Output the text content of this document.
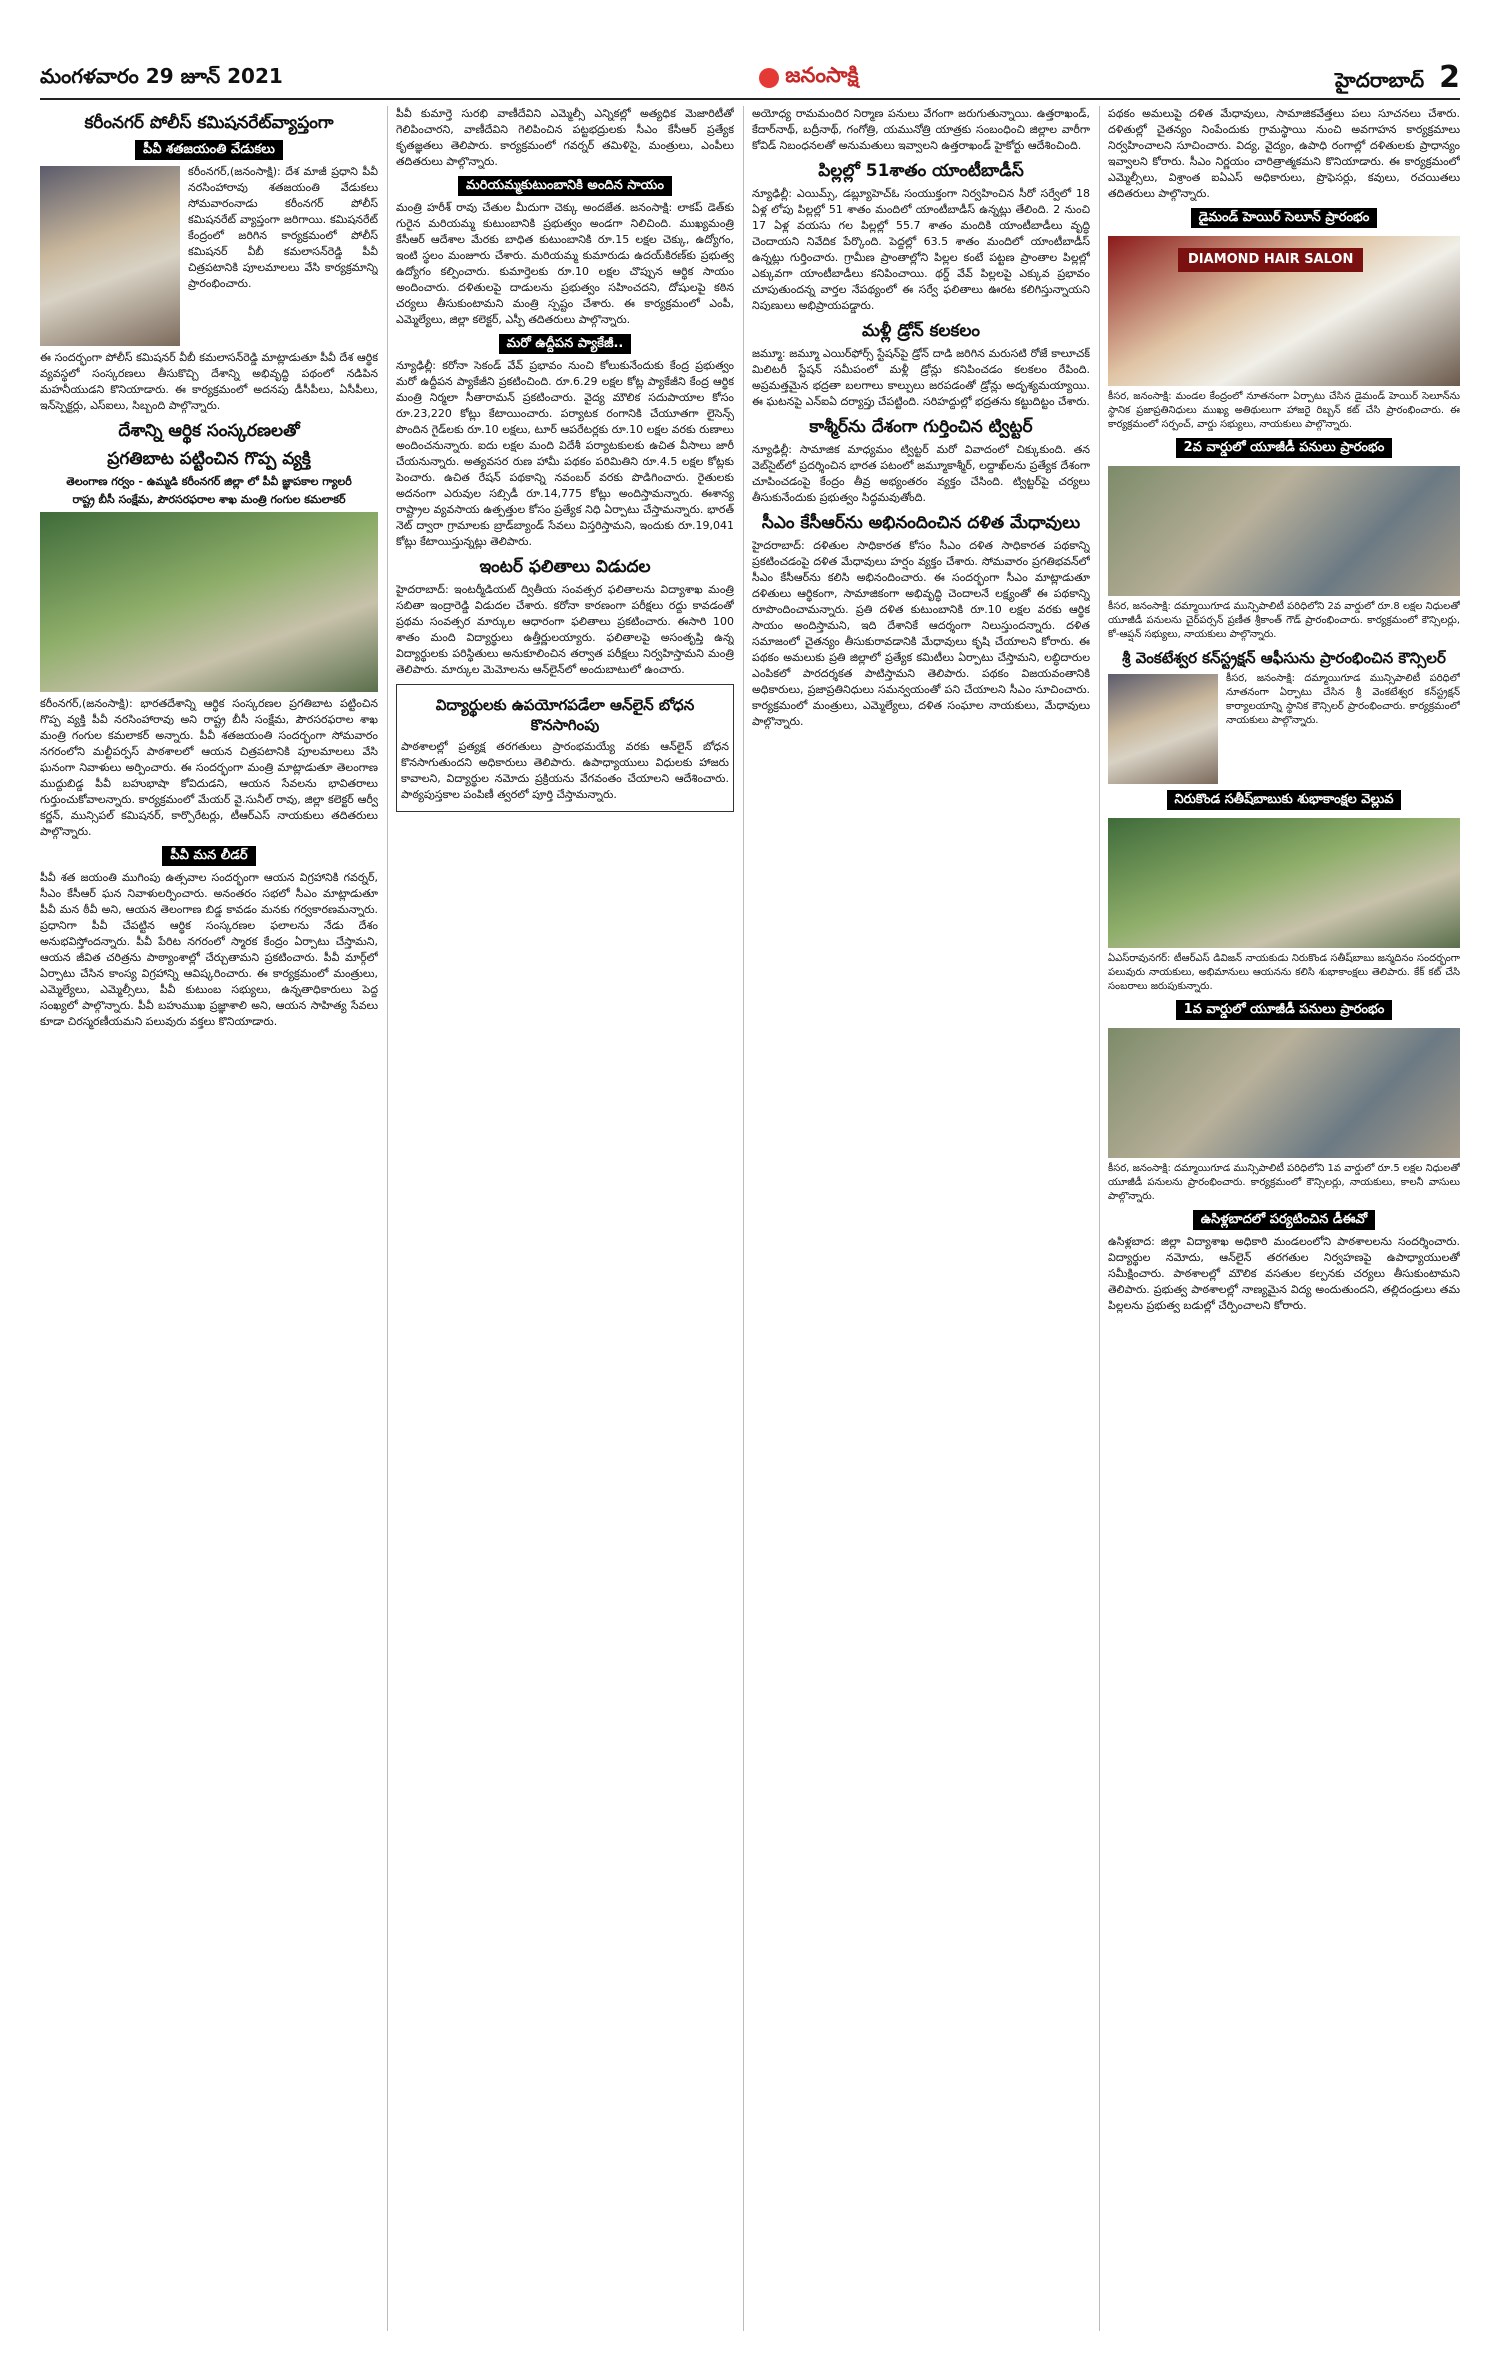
మంగళవారం 29 జూన్ 2021	జనంసాక్షి	హైదరాబాద్ 2
కరీంనగర్ పోలీస్ కమిషనరేట్‌వ్యాప్తంగా
పీవీ శతజయంతి వేడుకలు

కరీంనగర్,(జనంసాక్షి): దేశ మాజీ ప్రధాని పీవీ నరసింహారావు శతజయంతి వేడుకలు సోమవారంనాడు కరీంనగర్ పోలీస్ కమిషనరేట్ వ్యాప్తంగా జరిగాయి. కమిషనరేట్ కేంద్రంలో జరిగిన కార్యక్రమంలో పోలీస్ కమిషనర్ వీబీ కమలాసన్‌రెడ్డి పీవీ చిత్రపటానికి పూలమాలలు వేసి కార్యక్రమాన్ని ప్రారంభించారు.

ఈ సందర్భంగా పోలీస్ కమిషనర్ వీబీ కమలాసన్‌రెడ్డి మాట్లాడుతూ పీవీ దేశ ఆర్థిక వ్యవస్థలో సంస్కరణలు తీసుకొచ్చి దేశాన్ని అభివృద్ధి పథంలో నడిపిన మహనీయుడని కొనియాడారు. ఈ కార్యక్రమంలో అదనపు డీసీపీలు, ఏసీపీలు, ఇన్‌స్పెక్టర్లు, ఎస్‌ఐలు, సిబ్బంది పాల్గొన్నారు.

దేశాన్ని ఆర్థిక సంస్కరణలతో
ప్రగతిబాట పట్టించిన గొప్ప వ్యక్తి
తెలంగాణ గర్వం - ఉమ్మడి కరీంనగర్ జిల్లా లో పీవీ జ్ఞాపకాల గ్యాలరీ
రాష్ట్ర బీసీ సంక్షేమ, పౌరసరఫరాల శాఖ మంత్రి గంగుల కమలాకర్

కరీంనగర్,(జనంసాక్షి): భారతదేశాన్ని ఆర్థిక సంస్కరణల ప్రగతిబాట పట్టించిన గొప్ప వ్యక్తి పీవీ నరసింహారావు అని రాష్ట్ర బీసీ సంక్షేమ, పౌరసరఫరాల శాఖ మంత్రి గంగుల కమలాకర్ అన్నారు. పీవీ శతజయంతి సందర్భంగా సోమవారం నగరంలోని మల్టీపర్పస్ పాఠశాలలో ఆయన చిత్రపటానికి పూలమాలలు వేసి ఘనంగా నివాళులు అర్పించారు. ఈ సందర్భంగా మంత్రి మాట్లాడుతూ తెలంగాణ ముద్దుబిడ్డ పీవీ బహుభాషా కోవిదుడని, ఆయన సేవలను భావితరాలు గుర్తుంచుకోవాలన్నారు. కార్యక్రమంలో మేయర్ వై.సునీల్ రావు, జిల్లా కలెక్టర్ ఆర్వీ కర్ణన్, మున్సిపల్ కమిషనర్, కార్పొరేటర్లు, టీఆర్ఎస్ నాయకులు తదితరులు పాల్గొన్నారు.

పీవీ మన లీడర్

పీవీ శత జయంతి ముగింపు ఉత్సవాల సందర్భంగా ఆయన విగ్రహానికి గవర్నర్, సీఎం కేసీఆర్ ఘన నివాళులర్పించారు. అనంతరం సభలో సీఎం మాట్లాడుతూ పీవీ మన ఠీవీ అని, ఆయన తెలంగాణ బిడ్డ కావడం మనకు గర్వకారణమన్నారు. ప్రధానిగా పీవీ చేపట్టిన ఆర్థిక సంస్కరణల ఫలాలను నేడు దేశం అనుభవిస్తోందన్నారు. పీవీ పేరిట నగరంలో స్మారక కేంద్రం ఏర్పాటు చేస్తామని, ఆయన జీవిత చరిత్రను పాఠ్యాంశాల్లో చేర్చుతామని ప్రకటించారు. పీవీ మార్గ్‌లో ఏర్పాటు చేసిన కాంస్య విగ్రహాన్ని ఆవిష్కరించారు. ఈ కార్యక్రమంలో మంత్రులు, ఎమ్మెల్యేలు, ఎమ్మెల్సీలు, పీవీ కుటుంబ సభ్యులు, ఉన్నతాధికారులు పెద్ద సంఖ్యలో పాల్గొన్నారు. పీవీ బహుముఖ ప్రజ్ఞాశాలి అని, ఆయన సాహిత్య సేవలు కూడా చిరస్మరణీయమని పలువురు వక్తలు కొనియాడారు.

పీవీ కుమార్తె సురభి వాణీదేవిని ఎమ్మెల్సీ ఎన్నికల్లో అత్యధిక మెజారిటీతో గెలిపించారని, వాణీదేవిని గెలిపించిన పట్టభద్రులకు సీఎం కేసీఆర్ ప్రత్యేక కృతజ్ఞతలు తెలిపారు. కార్యక్రమంలో గవర్నర్ తమిళిసై, మంత్రులు, ఎంపీలు తదితరులు పాల్గొన్నారు.

మరియమ్మకుటుంబానికి అందిన సాయం

మంత్రి హరీశ్ రావు చేతుల మీదుగా చెక్కు అందజేత. జనంసాక్షి: లాకప్ డెత్‌కు గురైన మరియమ్మ కుటుంబానికి ప్రభుత్వం అండగా నిలిచింది. ముఖ్యమంత్రి కేసీఆర్ ఆదేశాల మేరకు బాధిత కుటుంబానికి రూ.15 లక్షల చెక్కు, ఉద్యోగం, ఇంటి స్థలం మంజూరు చేశారు. మరియమ్మ కుమారుడు ఉదయ్‌కిరణ్‌కు ప్రభుత్వ ఉద్యోగం కల్పించారు. కుమార్తెలకు రూ.10 లక్షల చొప్పున ఆర్థిక సాయం అందించారు. దళితులపై దాడులను ప్రభుత్వం సహించదని, దోషులపై కఠిన చర్యలు తీసుకుంటామని మంత్రి స్పష్టం చేశారు. ఈ కార్యక్రమంలో ఎంపీ, ఎమ్మెల్యేలు, జిల్లా కలెక్టర్, ఎస్పీ తదితరులు పాల్గొన్నారు.

మరో ఉద్దీపన ప్యాకేజీ..

న్యూఢిల్లీ: కరోనా సెకండ్ వేవ్ ప్రభావం నుంచి కోలుకునేందుకు కేంద్ర ప్రభుత్వం మరో ఉద్దీపన ప్యాకేజీని ప్రకటించింది. రూ.6.29 లక్షల కోట్ల ప్యాకేజీని కేంద్ర ఆర్థిక మంత్రి నిర్మలా సీతారామన్ ప్రకటించారు. వైద్య మౌలిక సదుపాయాల కోసం రూ.23,220 కోట్లు కేటాయించారు. పర్యాటక రంగానికి చేయూతగా లైసెన్స్ పొందిన గైడ్‌లకు రూ.10 లక్షలు, టూర్ ఆపరేటర్లకు రూ.10 లక్షల వరకు రుణాలు అందించనున్నారు. ఐదు లక్షల మంది విదేశీ పర్యాటకులకు ఉచిత వీసాలు జారీ చేయనున్నారు. అత్యవసర రుణ హామీ పథకం పరిమితిని రూ.4.5 లక్షల కోట్లకు పెంచారు. ఉచిత రేషన్ పథకాన్ని నవంబర్ వరకు పొడిగించారు. రైతులకు అదనంగా ఎరువుల సబ్సిడీ రూ.14,775 కోట్లు అందిస్తామన్నారు. ఈశాన్య రాష్ట్రాల వ్యవసాయ ఉత్పత్తుల కోసం ప్రత్యేక నిధి ఏర్పాటు చేస్తామన్నారు. భారత్ నెట్ ద్వారా గ్రామాలకు బ్రాడ్‌బ్యాండ్ సేవలు విస్తరిస్తామని, ఇందుకు రూ.19,041 కోట్లు కేటాయిస్తున్నట్లు తెలిపారు.

ఇంటర్ ఫలితాలు విడుదల

హైదరాబాద్: ఇంటర్మీడియట్ ద్వితీయ సంవత్సర ఫలితాలను విద్యాశాఖ మంత్రి సబితా ఇంద్రారెడ్డి విడుదల చేశారు. కరోనా కారణంగా పరీక్షలు రద్దు కావడంతో ప్రథమ సంవత్సర మార్కుల ఆధారంగా ఫలితాలు ప్రకటించారు. ఈసారి 100 శాతం మంది విద్యార్థులు ఉత్తీర్ణులయ్యారు. ఫలితాలపై అసంతృప్తి ఉన్న విద్యార్థులకు పరిస్థితులు అనుకూలించిన తర్వాత పరీక్షలు నిర్వహిస్తామని మంత్రి తెలిపారు. మార్కుల మెమోలను ఆన్‌లైన్‌లో అందుబాటులో ఉంచారు.

విద్యార్థులకు ఉపయోగపడేలా ఆన్‌లైన్ బోధన కొనసాగింపు

పాఠశాలల్లో ప్రత్యక్ష తరగతులు ప్రారంభమయ్యే వరకు ఆన్‌లైన్ బోధన కొనసాగుతుందని అధికారులు తెలిపారు. ఉపాధ్యాయులు విధులకు హాజరు కావాలని, విద్యార్థుల నమోదు ప్రక్రియను వేగవంతం చేయాలని ఆదేశించారు. పాఠ్యపుస్తకాల పంపిణీ త్వరలో పూర్తి చేస్తామన్నారు.

అయోధ్య రామమందిర నిర్మాణ పనులు వేగంగా జరుగుతున్నాయి. ఉత్తరాఖండ్, కేదార్‌నాథ్, బద్రీనాథ్, గంగోత్రి, యమునోత్రి యాత్రకు సంబంధించి జిల్లాల వారీగా కోవిడ్ నిబంధనలతో అనుమతులు ఇవ్వాలని ఉత్తరాఖండ్ హైకోర్టు ఆదేశించింది.

పిల్లల్లో 51శాతం యాంటీబాడీస్

న్యూఢిల్లీ: ఎయిమ్స్, డబ్ల్యూహెచ్‌ఓ సంయుక్తంగా నిర్వహించిన సీరో సర్వేలో 18 ఏళ్ల లోపు పిల్లల్లో 51 శాతం మందిలో యాంటీబాడీస్ ఉన్నట్లు తేలింది. 2 నుంచి 17 ఏళ్ల వయసు గల పిల్లల్లో 55.7 శాతం మందికి యాంటీబాడీలు వృద్ధి చెందాయని నివేదిక పేర్కొంది. పెద్దల్లో 63.5 శాతం మందిలో యాంటీబాడీస్ ఉన్నట్లు గుర్తించారు. గ్రామీణ ప్రాంతాల్లోని పిల్లల కంటే పట్టణ ప్రాంతాల పిల్లల్లో ఎక్కువగా యాంటీబాడీలు కనిపించాయి. థర్డ్ వేవ్ పిల్లలపై ఎక్కువ ప్రభావం చూపుతుందన్న వార్తల నేపథ్యంలో ఈ సర్వే ఫలితాలు ఊరట కలిగిస్తున్నాయని నిపుణులు అభిప్రాయపడ్డారు.

మళ్లీ డ్రోన్ కలకలం

జమ్మూ: జమ్మూ ఎయిర్‌ఫోర్స్ స్టేషన్‌పై డ్రోన్ దాడి జరిగిన మరుసటి రోజే కాలూచక్ మిలిటరీ స్టేషన్ సమీపంలో మళ్లీ డ్రోన్లు కనిపించడం కలకలం రేపింది. అప్రమత్తమైన భద్రతా బలగాలు కాల్పులు జరపడంతో డ్రోన్లు అదృశ్యమయ్యాయి. ఈ ఘటనపై ఎన్ఐఏ దర్యాప్తు చేపట్టింది. సరిహద్దుల్లో భద్రతను కట్టుదిట్టం చేశారు.

కాశ్మీర్‌ను దేశంగా గుర్తించిన ట్విట్టర్

న్యూఢిల్లీ: సామాజిక మాధ్యమం ట్విట్టర్ మరో వివాదంలో చిక్కుకుంది. తన వెబ్‌సైట్‌లో ప్రదర్శించిన భారత పటంలో జమ్మూకాశ్మీర్, లద్దాఖ్‌లను ప్రత్యేక దేశంగా చూపించడంపై కేంద్రం తీవ్ర అభ్యంతరం వ్యక్తం చేసింది. ట్విట్టర్‌పై చర్యలు తీసుకునేందుకు ప్రభుత్వం సిద్ధమవుతోంది.

సీఎం కేసీఆర్‌ను అభినందించిన దళిత మేధావులు

హైదరాబాద్: దళితుల సాధికారత కోసం సీఎం దళిత సాధికారత పథకాన్ని ప్రకటించడంపై దళిత మేధావులు హర్షం వ్యక్తం చేశారు. సోమవారం ప్రగతిభవన్‌లో సీఎం కేసీఆర్‌ను కలిసి అభినందించారు. ఈ సందర్భంగా సీఎం మాట్లాడుతూ దళితులు ఆర్థికంగా, సామాజికంగా అభివృద్ధి చెందాలనే లక్ష్యంతో ఈ పథకాన్ని రూపొందించామన్నారు. ప్రతి దళిత కుటుంబానికి రూ.10 లక్షల వరకు ఆర్థిక సాయం అందిస్తామని, ఇది దేశానికే ఆదర్శంగా నిలుస్తుందన్నారు. దళిత సమాజంలో చైతన్యం తీసుకురావడానికి మేధావులు కృషి చేయాలని కోరారు. ఈ పథకం అమలుకు ప్రతి జిల్లాలో ప్రత్యేక కమిటీలు ఏర్పాటు చేస్తామని, లబ్ధిదారుల ఎంపికలో పారదర్శకత పాటిస్తామని తెలిపారు. పథకం విజయవంతానికి అధికారులు, ప్రజాప్రతినిధులు సమన్వయంతో పని చేయాలని సీఎం సూచించారు. కార్యక్రమంలో మంత్రులు, ఎమ్మెల్యేలు, దళిత సంఘాల నాయకులు, మేధావులు పాల్గొన్నారు.

పథకం అమలుపై దళిత మేధావులు, సామాజికవేత్తలు పలు సూచనలు చేశారు. దళితుల్లో చైతన్యం నింపేందుకు గ్రామస్థాయి నుంచి అవగాహన కార్యక్రమాలు నిర్వహించాలని సూచించారు. విద్య, వైద్యం, ఉపాధి రంగాల్లో దళితులకు ప్రాధాన్యం ఇవ్వాలని కోరారు. సీఎం నిర్ణయం చారిత్రాత్మకమని కొనియాడారు. ఈ కార్యక్రమంలో ఎమ్మెల్సీలు, విశ్రాంత ఐఏఎస్ అధికారులు, ప్రొఫెసర్లు, కవులు, రచయితలు తదితరులు పాల్గొన్నారు.

డైమండ్ హెయిర్ సెలూన్ ప్రారంభం
DIAMOND HAIR SALON

కీసర, జనంసాక్షి: మండల కేంద్రంలో నూతనంగా ఏర్పాటు చేసిన డైమండ్ హెయిర్ సెలూన్‌ను స్థానిక ప్రజాప్రతినిధులు ముఖ్య అతిథులుగా హాజరై రిబ్బన్ కట్ చేసి ప్రారంభించారు. ఈ కార్యక్రమంలో సర్పంచ్, వార్డు సభ్యులు, నాయకులు పాల్గొన్నారు.

2వ వార్డులో యూజీడీ పనులు ప్రారంభం

కీసర, జనంసాక్షి: దమ్మాయిగూడ మున్సిపాలిటీ పరిధిలోని 2వ వార్డులో రూ.8 లక్షల నిధులతో యూజీడీ పనులను చైర్‌పర్సన్ ప్రణీత శ్రీకాంత్ గౌడ్ ప్రారంభించారు. కార్యక్రమంలో కౌన్సిలర్లు, కో-ఆప్షన్ సభ్యులు, నాయకులు పాల్గొన్నారు.

శ్రీ వెంకటేశ్వర కన్‌స్ట్రక్షన్ ఆఫీసును ప్రారంభించిన కౌన్సిలర్

కీసర, జనంసాక్షి: దమ్మాయిగూడ మున్సిపాలిటీ పరిధిలో నూతనంగా ఏర్పాటు చేసిన శ్రీ వెంకటేశ్వర కన్‌స్ట్రక్షన్ కార్యాలయాన్ని స్థానిక కౌన్సిలర్ ప్రారంభించారు. కార్యక్రమంలో నాయకులు పాల్గొన్నారు.

నిరుకొండ సతీష్‌బాబుకు శుభాకాంక్షల వెల్లువ

ఏఎస్‌రావునగర్: టీఆర్ఎస్ డివిజన్ నాయకుడు నిరుకొండ సతీష్‌బాబు జన్మదినం సందర్భంగా పలువురు నాయకులు, అభిమానులు ఆయనను కలిసి శుభాకాంక్షలు తెలిపారు. కేక్ కట్ చేసి సంబరాలు జరుపుకున్నారు.

1వ వార్డులో యూజీడీ పనులు ప్రారంభం

కీసర, జనంసాక్షి: దమ్మాయిగూడ మున్సిపాలిటీ పరిధిలోని 1వ వార్డులో రూ.5 లక్షల నిధులతో యూజీడీ పనులను ప్రారంభించారు. కార్యక్రమంలో కౌన్సిలర్లు, నాయకులు, కాలనీ వాసులు పాల్గొన్నారు.

ఉసిళ్లబాదలో పర్యటించిన డీఈవో

ఉసిళ్లబాద: జిల్లా విద్యాశాఖ అధికారి మండలంలోని పాఠశాలలను సందర్శించారు. విద్యార్థుల నమోదు, ఆన్‌లైన్ తరగతుల నిర్వహణపై ఉపాధ్యాయులతో సమీక్షించారు. పాఠశాలల్లో మౌలిక వసతుల కల్పనకు చర్యలు తీసుకుంటామని తెలిపారు. ప్రభుత్వ పాఠశాలల్లో నాణ్యమైన విద్య అందుతుందని, తల్లిదండ్రులు తమ పిల్లలను ప్రభుత్వ బడుల్లో చేర్పించాలని కోరారు.
